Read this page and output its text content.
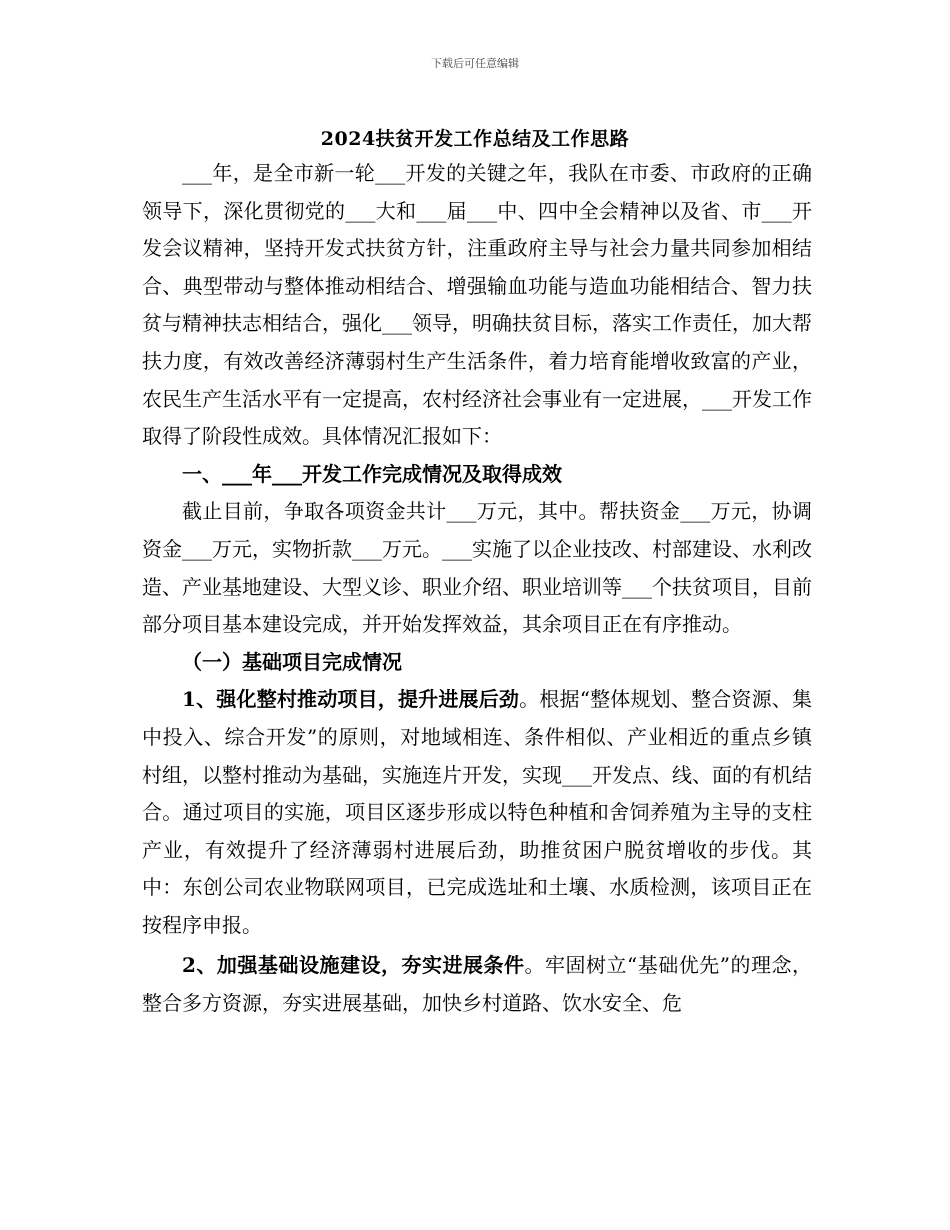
下载后可任意编辑
2024扶贫开发工作总结及工作思路

___年，是全市新一轮___开发的关键之年，我队在市委、市政府的正确领导下，深化贯彻党的___大和___届___中、四中全会精神以及省、市___开发会议精神，坚持开发式扶贫方针，注重政府主导与社会力量共同参加相结合、典型带动与整体推动相结合、增强输血功能与造血功能相结合、智力扶贫与精神扶志相结合，强化___领导，明确扶贫目标，落实工作责任，加大帮扶力度，有效改善经济薄弱村生产生活条件，着力培育能增收致富的产业，农民生产生活水平有一定提高，农村经济社会事业有一定进展，___开发工作取得了阶段性成效。具体情况汇报如下：

一、___年___开发工作完成情况及取得成效

截止目前，争取各项资金共计___万元，其中。帮扶资金___万元，协调资金___万元，实物折款___万元。___实施了以企业技改、村部建设、水利改造、产业基地建设、大型义诊、职业介绍、职业培训等___个扶贫项目，目前部分项目基本建设完成，并开始发挥效益，其余项目正在有序推动。

（一）基础项目完成情况

1、强化整村推动项目，提升进展后劲。根据“整体规划、整合资源、集中投入、综合开发”的原则，对地域相连、条件相似、产业相近的重点乡镇村组，以整村推动为基础，实施连片开发，实现___开发点、线、面的有机结合。通过项目的实施，项目区逐步形成以特色种植和舍饲养殖为主导的支柱产业，有效提升了经济薄弱村进展后劲，助推贫困户脱贫增收的步伐。其中：东创公司农业物联网项目，已完成选址和土壤、水质检测，该项目正在按程序申报。

2、加强基础设施建设，夯实进展条件。牢固树立“基础优先”的理念，整合多方资源，夯实进展基础，加快乡村道路、饮水安全、危
